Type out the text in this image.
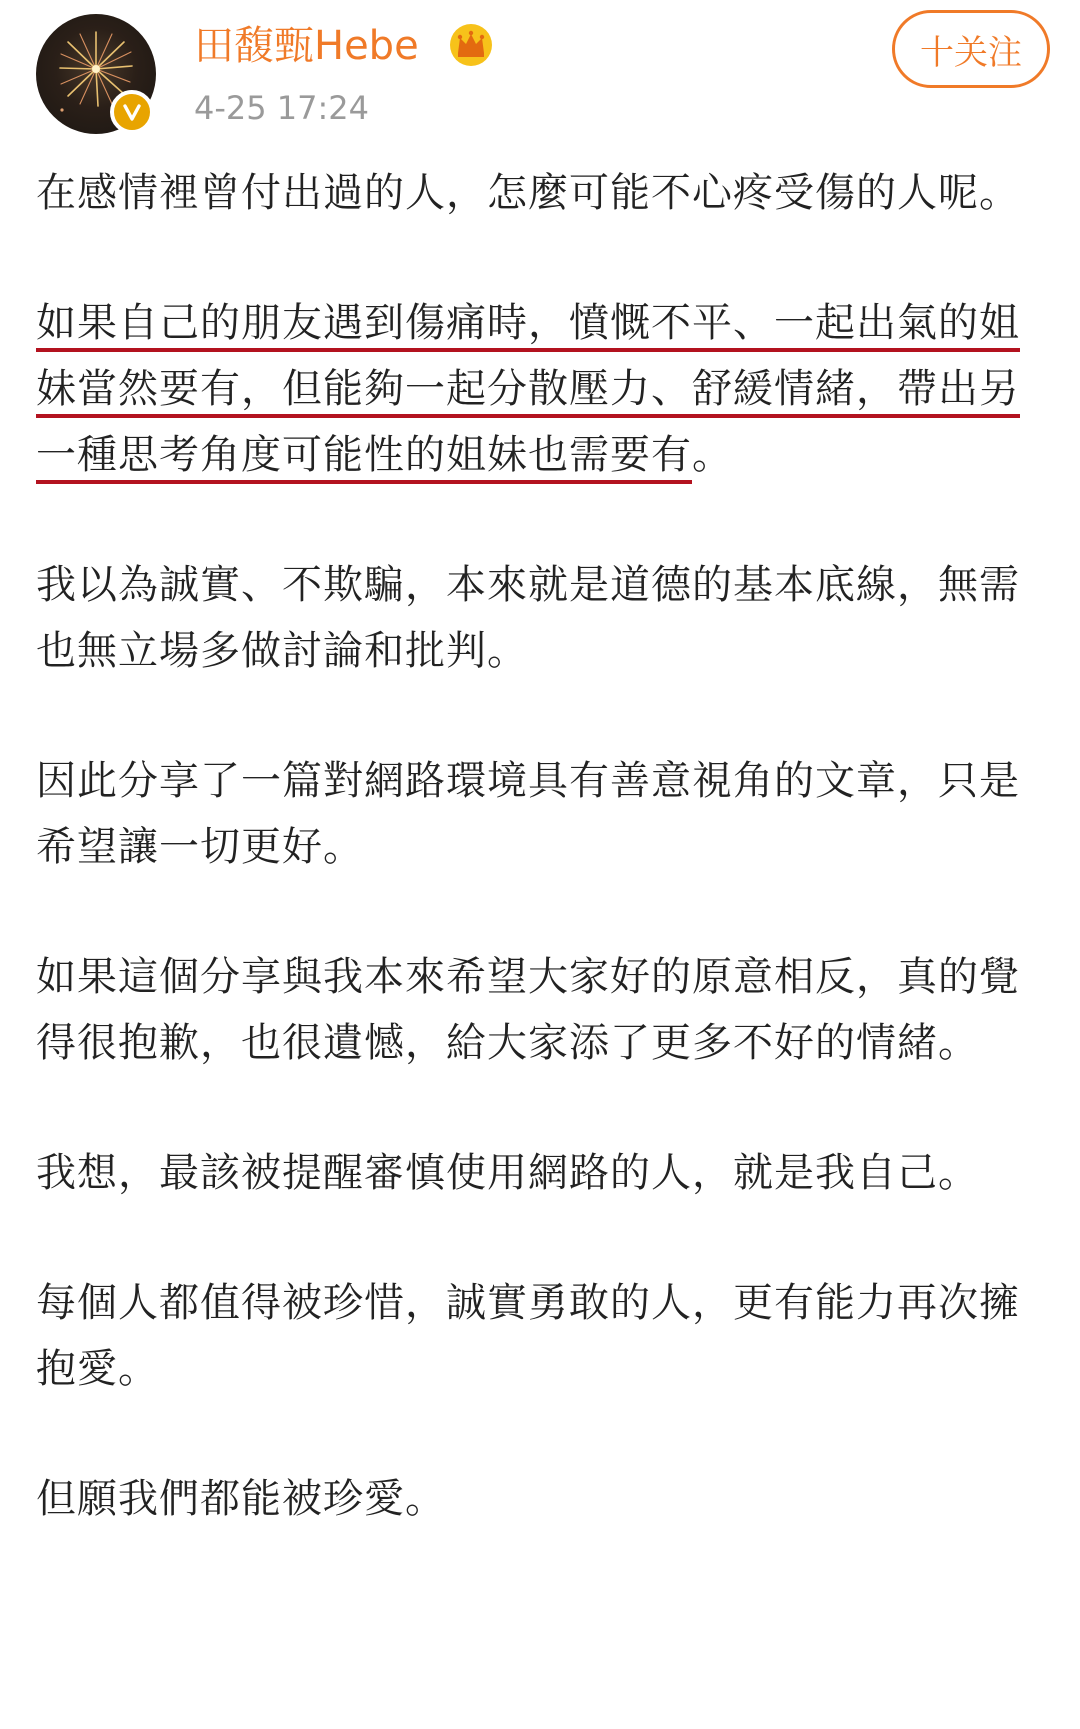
田馥甄Hebe
4-25 17:24
十关注

在感情裡曾付出過的人，怎麼可能不心疼受傷的人呢。

如果自己的朋友遇到傷痛時，憤慨不平、一起出氣的姐妹當然要有，但能夠一起分散壓力、舒緩情緒，帶出另一種思考角度可能性的姐妹也需要有。

我以為誠實、不欺騙，本來就是道德的基本底線，無需也無立場多做討論和批判。

因此分享了一篇對網路環境具有善意視角的文章，只是希望讓一切更好。

如果這個分享與我本來希望大家好的原意相反，真的覺得很抱歉，也很遺憾，給大家添了更多不好的情緒。

我想，最該被提醒審慎使用網路的人，就是我自己。

每個人都值得被珍惜，誠實勇敢的人，更有能力再次擁抱愛。

但願我們都能被珍愛。
